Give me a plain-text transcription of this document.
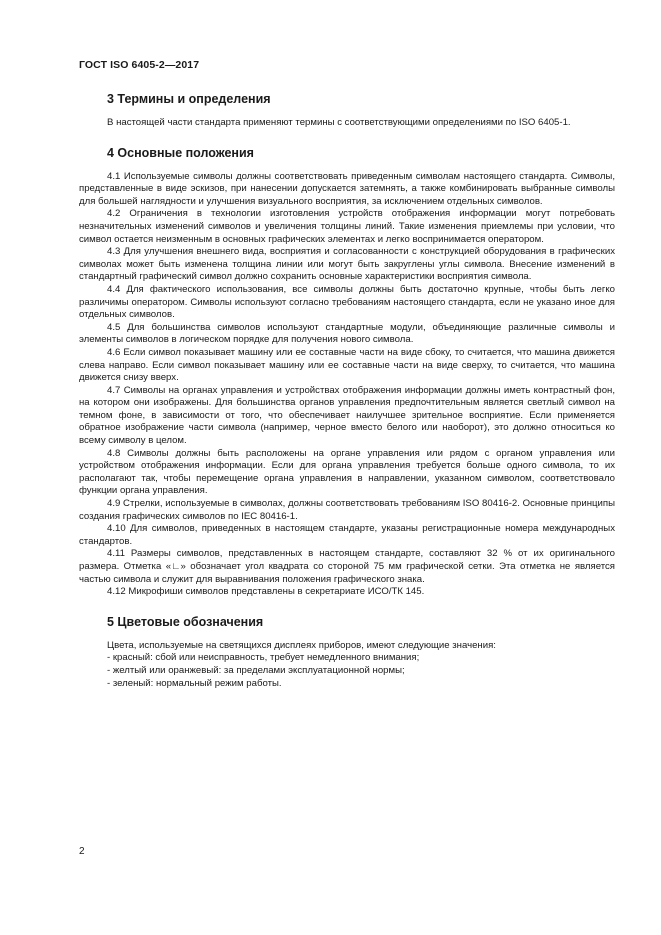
ГОСТ ISO 6405-2—2017
3 Термины и определения

В настоящей части стандарта применяют термины с соответствующими определениями по ISO 6405-1.

4 Основные положения

4.1 Используемые символы должны соответствовать приведенным символам настоящего стандарта. Символы, представленные в виде эскизов, при нанесении допускается затемнять, а также комбинировать выбранные символы для большей наглядности и улучшения визуального восприятия, за исключением отдельных символов.

4.2 Ограничения в технологии изготовления устройств отображения информации могут потребовать незначительных изменений символов и увеличения толщины линий. Такие изменения приемлемы при условии, что символ остается неизменным в основных графических элементах и легко воспринимается оператором.

4.3 Для улучшения внешнего вида, восприятия и согласованности с конструкцией оборудования в графических символах может быть изменена толщина линии или могут быть закруглены углы символа. Внесение изменений в стандартный графический символ должно сохранить основные характеристики восприятия символа.

4.4 Для фактического использования, все символы должны быть достаточно крупные, чтобы быть легко различимы оператором. Символы используют согласно требованиям настоящего стандарта, если не указано иное для отдельных символов.

4.5 Для большинства символов используют стандартные модули, объединяющие различные символы и элементы символов в логическом порядке для получения нового символа.

4.6 Если символ показывает машину или ее составные части на виде сбоку, то считается, что машина движется слева направо. Если символ показывает машину или ее составные части на виде сверху, то считается, что машина движется снизу вверх.

4.7 Символы на органах управления и устройствах отображения информации должны иметь контрастный фон, на котором они изображены. Для большинства органов управления предпочтительным является светлый символ на темном фоне, в зависимости от того, что обеспечивает наилучшее зрительное восприятие. Если применяется обратное изображение части символа (например, черное вместо белого или наоборот), это должно относиться ко всему символу в целом.

4.8 Символы должны быть расположены на органе управления или рядом с органом управления или устройством отображения информации. Если для органа управления требуется больше одного символа, то их располагают так, чтобы перемещение органа управления в направлении, указанном символом, соответствовало функции органа управления.

4.9 Стрелки, используемые в символах, должны соответствовать требованиям ISO 80416-2. Основные принципы создания графических символов по IEC 80416-1.

4.10 Для символов, приведенных в настоящем стандарте, указаны регистрационные номера международных стандартов.

4.11 Размеры символов, представленных в настоящем стандарте, составляют 32 % от их оригинального размера. Отметка «∟» обозначает угол квадрата со стороной 75 мм графической сетки. Эта отметка не является частью символа и служит для выравнивания положения графического знака.

4.12 Микрофиши символов представлены в секретариате ИСО/ТК 145.

5 Цветовые обозначения

Цвета, используемые на светящихся дисплеях приборов, имеют следующие значения:

- красный: сбой или неисправность, требует немедленного внимания;
- желтый или оранжевый: за пределами эксплуатационной нормы;
- зеленый: нормальный режим работы.
2
